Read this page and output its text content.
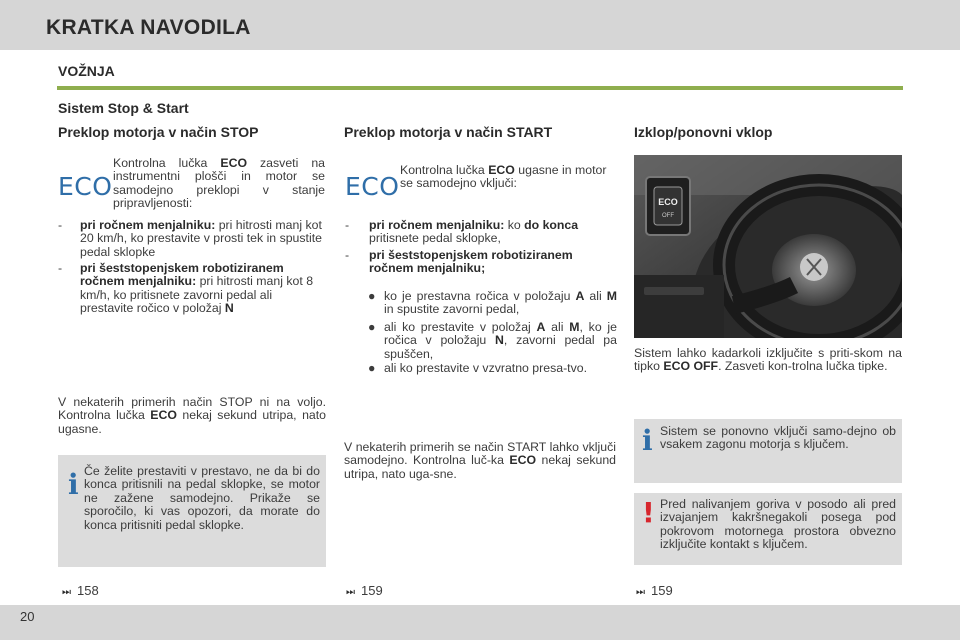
KRATKA NAVODILA
20
VOŽNJA
Sistem Stop & Start
Preklop motorja v način STOP
ECO
Kontrolna lučka ECO zasveti na instrumentni plošči in motor se samodejno preklopi v stanje pripravljenosti:
- pri ročnem menjalniku: pri hitrosti manj kot 20 km/h, ko prestavite v prosti tek in spustite pedal sklopke
- pri šeststopenjskem robotiziranem ročnem menjalniku: pri hitrosti manj kot 8 km/h, ko pritisnete zavorni pedal ali prestavite ročico v položaj N
V nekaterih primerih način STOP ni na voljo. Kontrolna lučka ECO nekaj sekund utripa, nato ugasne.
i Če želite prestaviti v prestavo, ne da bi do konca pritisnili na pedal sklopke, se motor ne zažene samodejno. Prikaže se sporočilo, ki vas opozori, da morate do konca pritisniti pedal sklopke.
⏭ 158
Preklop motorja v način START
ECO
Kontrolna lučka ECO ugasne in motor se samodejno vključi:
- pri ročnem menjalniku: ko do konca pritisnete pedal sklopke,
- pri šeststopenjskem robotiziranem ročnem menjalniku;
● ko je prestavna ročica v položaju A ali M in spustite zavorni pedal,
● ali ko prestavite v položaj A ali M, ko je ročica v položaju N, zavorni pedal pa spuščen,
● ali ko prestavite v vzvratno presa-tvo.
V nekaterih primerih se način START lahko vključi samodejno. Kontrolna luč-ka ECO nekaj sekund utripa, nato uga-sne.
⏭ 159
Izklop/ponovni vklop
ECO
OFF
Sistem lahko kadarkoli izključite s priti-skom na tipko ECO OFF. Zasveti kon-trolna lučka tipke.
i Sistem se ponovno vključi samo-dejno ob vsakem zagonu motorja s ključem.
! Pred nalivanjem goriva v posodo ali pred izvajanjem kakršnegakoli posega pod pokrovom motornega prostora obvezno izključite kontakt s ključem.
⏭ 159
